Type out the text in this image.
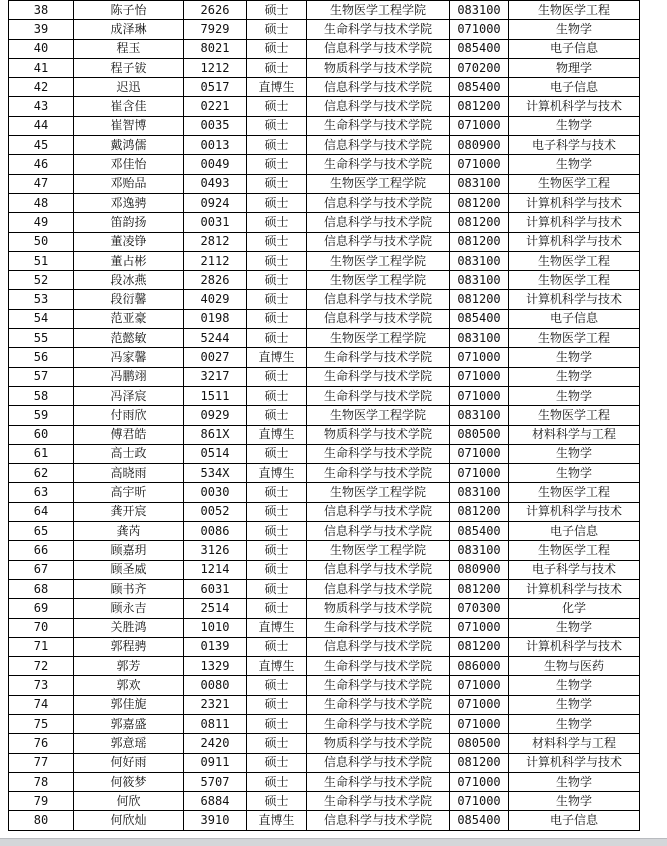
38	陈子怡	2626	硕士	生物医学工程学院	083100	生物医学工程
39	成泽琳	7929	硕士	生命科学与技术学院	071000	生物学
40	程玉	8021	硕士	信息科学与技术学院	085400	电子信息
41	程子钹	1212	硕士	物质科学与技术学院	070200	物理学
42	迟迅	0517	直博生	信息科学与技术学院	085400	电子信息
43	崔含佳	0221	硕士	信息科学与技术学院	081200	计算机科学与技术
44	崔智博	0035	硕士	生命科学与技术学院	071000	生物学
45	戴鸿儒	0013	硕士	信息科学与技术学院	080900	电子科学与技术
46	邓佳怡	0049	硕士	生命科学与技术学院	071000	生物学
47	邓贻品	0493	硕士	生物医学工程学院	083100	生物医学工程
48	邓逸骋	0924	硕士	信息科学与技术学院	081200	计算机科学与技术
49	笛韵扬	0031	硕士	信息科学与技术学院	081200	计算机科学与技术
50	董凌铮	2812	硕士	信息科学与技术学院	081200	计算机科学与技术
51	董占彬	2112	硕士	生物医学工程学院	083100	生物医学工程
52	段冰燕	2826	硕士	生物医学工程学院	083100	生物医学工程
53	段衍馨	4029	硕士	信息科学与技术学院	081200	计算机科学与技术
54	范亚豪	0198	硕士	信息科学与技术学院	085400	电子信息
55	范懿敏	5244	硕士	生物医学工程学院	083100	生物医学工程
56	冯家馨	0027	直博生	生命科学与技术学院	071000	生物学
57	冯鹏翊	3217	硕士	生命科学与技术学院	071000	生物学
58	冯泽宸	1511	硕士	生命科学与技术学院	071000	生物学
59	付雨欣	0929	硕士	生物医学工程学院	083100	生物医学工程
60	傅君皓	861X	直博生	物质科学与技术学院	080500	材料科学与工程
61	高士政	0514	硕士	生命科学与技术学院	071000	生物学
62	高晓雨	534X	直博生	生命科学与技术学院	071000	生物学
63	高宇昕	0030	硕士	生物医学工程学院	083100	生物医学工程
64	龚开宸	0052	硕士	信息科学与技术学院	081200	计算机科学与技术
65	龚芮	0086	硕士	信息科学与技术学院	085400	电子信息
66	顾嘉玥	3126	硕士	生物医学工程学院	083100	生物医学工程
67	顾圣威	1214	硕士	信息科学与技术学院	080900	电子科学与技术
68	顾书齐	6031	硕士	信息科学与技术学院	081200	计算机科学与技术
69	顾永吉	2514	硕士	物质科学与技术学院	070300	化学
70	关胜鸿	1010	直博生	生命科学与技术学院	071000	生物学
71	郭程骋	0139	硕士	信息科学与技术学院	081200	计算机科学与技术
72	郭芳	1329	直博生	生命科学与技术学院	086000	生物与医药
73	郭欢	0080	硕士	生命科学与技术学院	071000	生物学
74	郭佳旎	2321	硕士	生命科学与技术学院	071000	生物学
75	郭嘉盛	0811	硕士	生命科学与技术学院	071000	生物学
76	郭意瑶	2420	硕士	物质科学与技术学院	080500	材料科学与工程
77	何好雨	0911	硕士	信息科学与技术学院	081200	计算机科学与技术
78	何筱梦	5707	硕士	生命科学与技术学院	071000	生物学
79	何欣	6884	硕士	生命科学与技术学院	071000	生物学
80	何欣灿	3910	直博生	信息科学与技术学院	085400	电子信息
